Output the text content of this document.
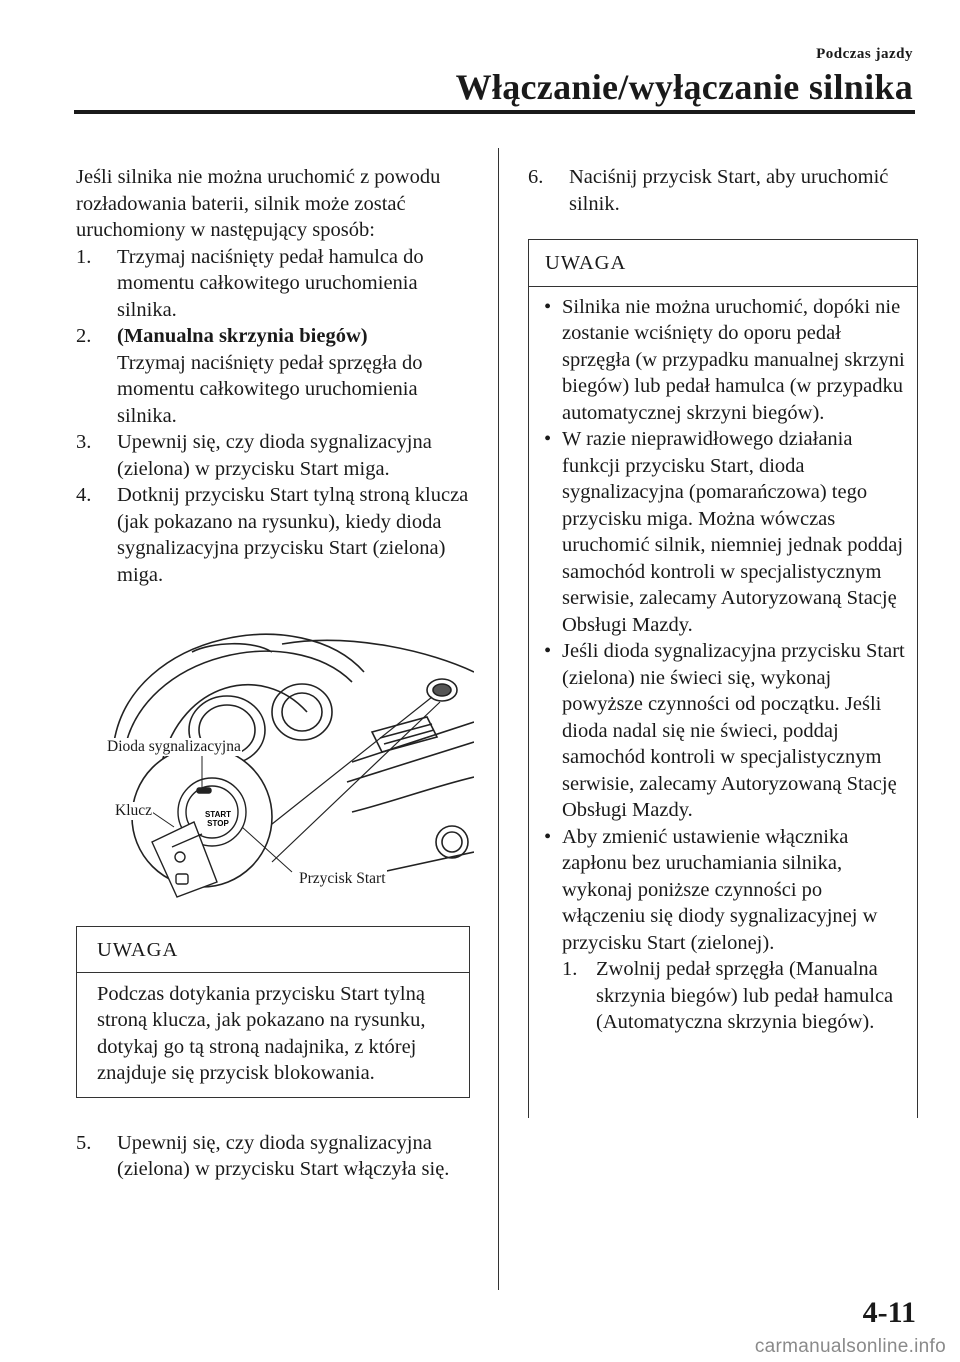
Podczas jazdy
Włączanie/wyłączanie silnika

Jeśli silnika nie można uruchomić z powodu rozładowania baterii, silnik może zostać uruchomiony w następujący sposób:

1. Trzymaj naciśnięty pedał hamulca do momentu całkowitego uruchomienia silnika.

2. (Manualna skrzynia biegów)
Trzymaj naciśnięty pedał sprzęgła do momentu całkowitego uruchomienia silnika.

3. Upewnij się, czy dioda sygnalizacyjna (zielona) w przycisku Start miga.

4. Dotknij przycisku Start tylną stroną klucza (jak pokazano na rysunku), kiedy dioda sygnalizacyjna przycisku Start (zielona) miga.

START
STOP
Dioda sygnalizacyjna
Klucz
Przycisk Start
UWAGA
Podczas dotykania przycisku Start tylną stroną klucza, jak pokazano na rysunku, dotykaj go tą stroną nadajnika, z której znajduje się przycisk blokowania.

5. Upewnij się, czy dioda sygnalizacyjna (zielona) w przycisku Start włączyła się.

6. Naciśnij przycisk Start, aby uruchomić silnik.

UWAGA

• Silnika nie można uruchomić, dopóki nie zostanie wciśnięty do oporu pedał sprzęgła (w przypadku manualnej skrzyni biegów) lub pedał hamulca (w przypadku automatycznej skrzyni biegów).

• W razie nieprawidłowego działania funkcji przycisku Start, dioda sygnalizacyjna (pomarańczowa) tego przycisku miga. Można wówczas uruchomić silnik, niemniej jednak poddaj samochód kontroli w specjalistycznym serwisie, zalecamy Autoryzowaną Stację Obsługi Mazdy.

• Jeśli dioda sygnalizacyjna przycisku Start (zielona) nie świeci się, wykonaj powyższe czynności od początku. Jeśli dioda nadal się nie świeci, poddaj samochód kontroli w specjalistycznym serwisie, zalecamy Autoryzowaną Stację Obsługi Mazdy.

• Aby zmienić ustawienie włącznika zapłonu bez uruchamiania silnika, wykonaj poniższe czynności po włączeniu się diody sygnalizacyjnej w przycisku Start (zielonej).

1. Zwolnij pedał sprzęgła (Manualna skrzynia biegów) lub pedał hamulca (Automatyczna skrzynia biegów).

4-11
carmanualsonline.info
